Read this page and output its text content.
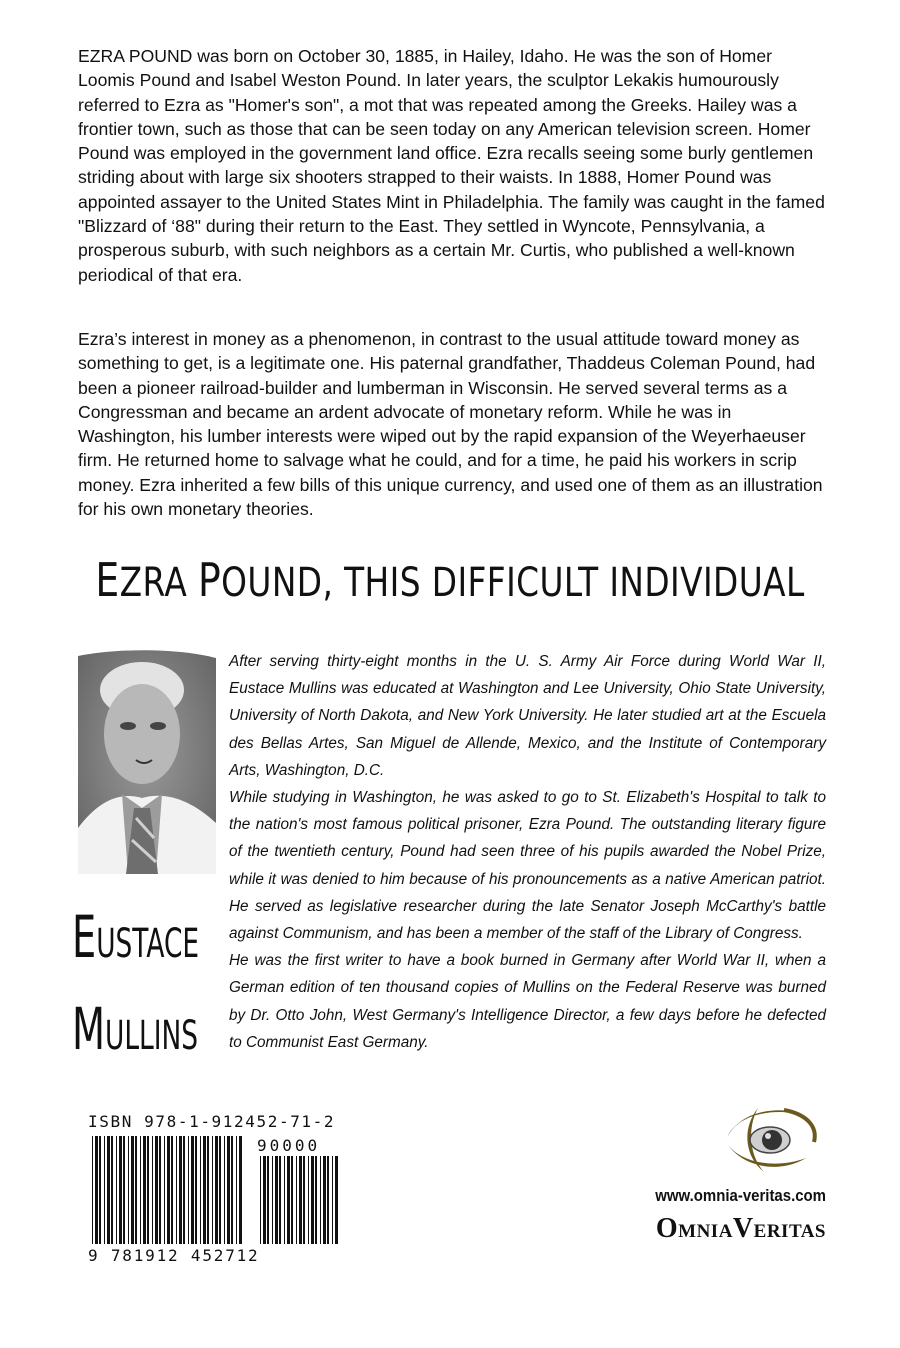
EZRA POUND was born on October 30, 1885, in Hailey, Idaho. He was the son of Homer Loomis Pound and Isabel Weston Pound. In later years, the sculptor Lekakis humourously referred to Ezra as "Homer's son", a mot that was repeated among the Greeks. Hailey was a frontier town, such as those that can be seen today on any American television screen. Homer Pound was employed in the government land office. Ezra recalls seeing some burly gentlemen striding about with large six shooters strapped to their waists. In 1888, Homer Pound was appointed assayer to the United States Mint in Philadelphia. The family was caught in the famed "Blizzard of ‘88" during their return to the East. They settled in Wyncote, Pennsylvania, a prosperous suburb, with such neighbors as a certain Mr. Curtis, who published a well-known periodical of that era.

Ezra’s interest in money as a phenomenon, in contrast to the usual attitude toward money as something to get, is a legitimate one. His paternal grandfather, Thaddeus Coleman Pound, had been a pioneer railroad-builder and lumberman in Wisconsin. He served several terms as a Congressman and became an ardent advocate of monetary reform. While he was in Washington, his lumber interests were wiped out by the rapid expansion of the Weyerhaeuser firm. He returned home to salvage what he could, and for a time, he paid his workers in scrip money. Ezra inherited a few bills of this unique currency, and used one of them as an illustration for his own monetary theories.

EZRA POUND, THIS DIFFICULT INDIVIDUAL

After serving thirty-eight months in the U. S. Army Air Force during World War II, Eustace Mullins was educated at Washington and Lee University, Ohio State University, University of North Dakota, and New York University. He later studied art at the Escuela des Bellas Artes, San Miguel de Allende, Mexico, and the Institute of Contemporary Arts, Washington, D.C.

While studying in Washington, he was asked to go to St. Elizabeth's Hospital to talk to the nation's most famous political prisoner, Ezra Pound. The outstanding literary figure of the twentieth century, Pound had seen three of his pupils awarded the Nobel Prize, while it was denied to him because of his pronouncements as a native American patriot. He served as legislative researcher during the late Senator Joseph McCarthy's battle against Communism, and has been a member of the staff of the Library of Congress.

He was the first writer to have a book burned in Germany after World War II, when a German edition of ten thousand copies of Mullins on the Federal Reserve was burned by Dr. Otto John, West Germany's Intelligence Director, a few days before he defected to Communist East Germany.

EUSTACE
MULLINS
ISBN 978-1-912452-71-2
90000
9 781912 452712
www.omnia-veritas.com
OMNIAVERITAS
